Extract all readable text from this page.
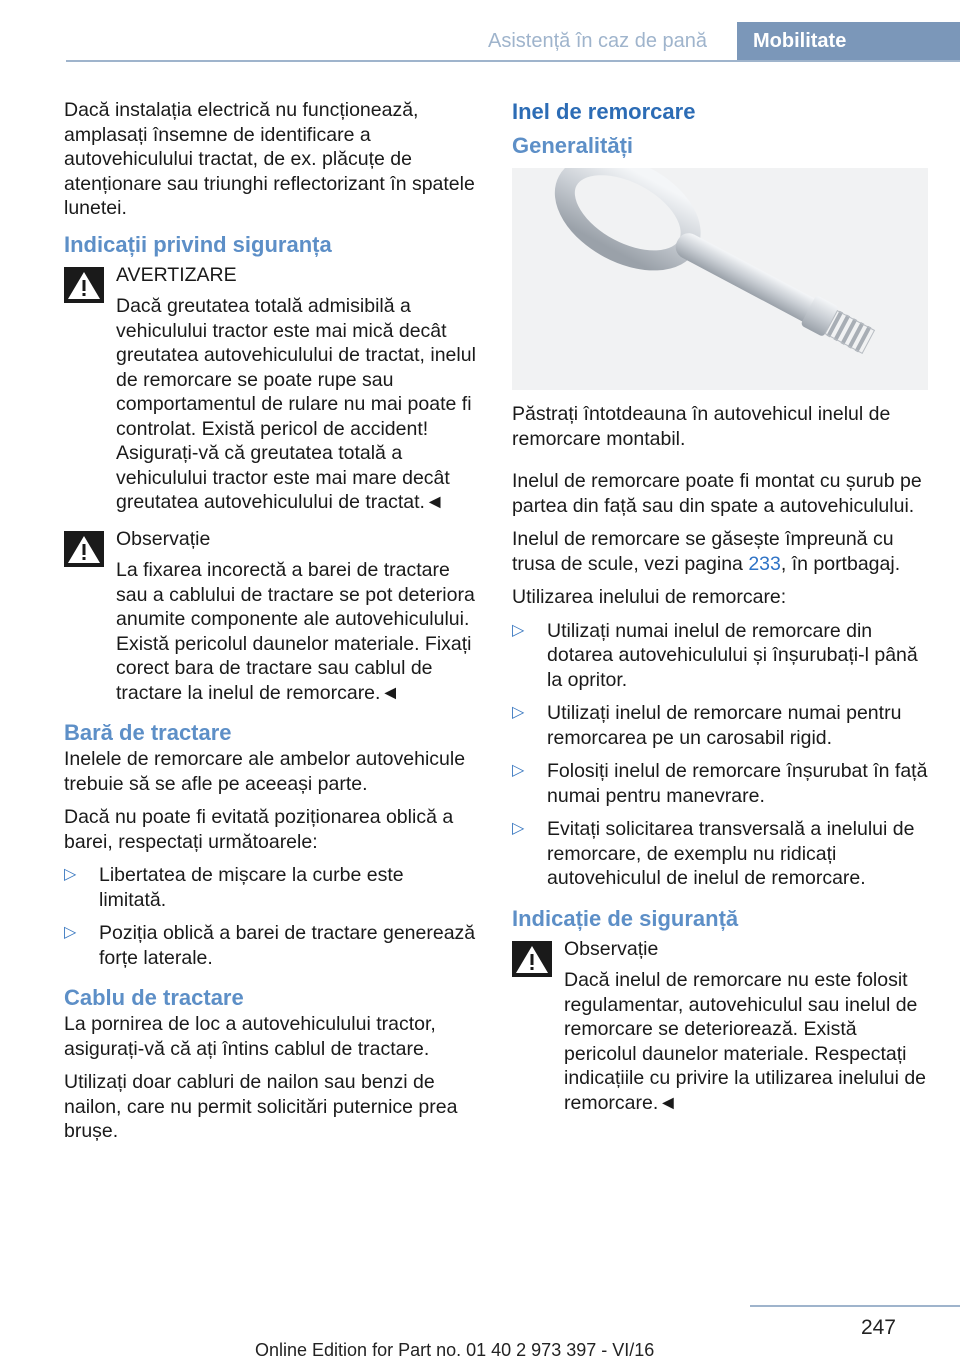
Asistență în caz de pană	Mobilitate

Dacă instalația electrică nu funcționează, amplasați însemne de identificare a autovehiculului tractat, de ex. plăcuțe de atenționare sau triunghi reflectorizant în spatele lunetei.

Indicații privind siguranța
AVERTIZARE
Dacă greutatea totală admisibilă a vehiculului tractor este mai mică decât greutatea autovehiculului de tractat, inelul de remorcare se poate rupe sau comportamentul de rulare nu mai poate fi controlat. Există pericol de accident! Asigurați-vă că greutatea totală a vehiculului tractor este mai mare decât greutatea autovehiculului de tractat.◄
Observație
La fixarea incorectă a barei de tractare sau a cablului de tractare se pot deteriora anumite componente ale autovehiculului. Există pericolul daunelor materiale. Fixați corect bara de tractare sau cablul de tractare la inelul de remorcare.◄
Bară de tractare

Inelele de remorcare ale ambelor autovehicule trebuie să se afle pe aceeași parte.

Dacă nu poate fi evitată poziționarea oblică a barei, respectați următoarele:

▷ Libertatea de mișcare la curbe este limitată.
▷ Poziția oblică a barei de tractare generează forțe laterale.
Cablu de tractare

La pornirea de loc a autovehiculului tractor, asigurați-vă că ați întins cablul de tractare.

Utilizați doar cabluri de nailon sau benzi de nailon, care nu permit solicitări puternice prea brușe.

Inel de remorcare
Generalități

Păstrați întotdeauna în autovehicul inelul de remorcare montabil.

Inelul de remorcare poate fi montat cu șurub pe partea din față sau din spate a autovehiculului.

Inelul de remorcare se găsește împreună cu trusa de scule, vezi pagina 233, în portbagaj.

Utilizarea inelului de remorcare:

▷ Utilizați numai inelul de remorcare din dotarea autovehiculului și înșurubați-l până la opritor.
▷ Utilizați inelul de remorcare numai pentru remorcarea pe un carosabil rigid.
▷ Folosiți inelul de remorcare înșurubat în față numai pentru manevrare.
▷ Evitați solicitarea transversală a inelului de remorcare, de exemplu nu ridicați autovehiculul de inelul de remorcare.
Indicație de siguranță
Observație
Dacă inelul de remorcare nu este folosit regulamentar, autovehiculul sau inelul de remorcare se deteriorează. Există pericolul daunelor materiale. Respectați indicațiile cu privire la utilizarea inelului de remorcare.◄
247
Online Edition for Part no. 01 40 2 973 397 - VI/16
